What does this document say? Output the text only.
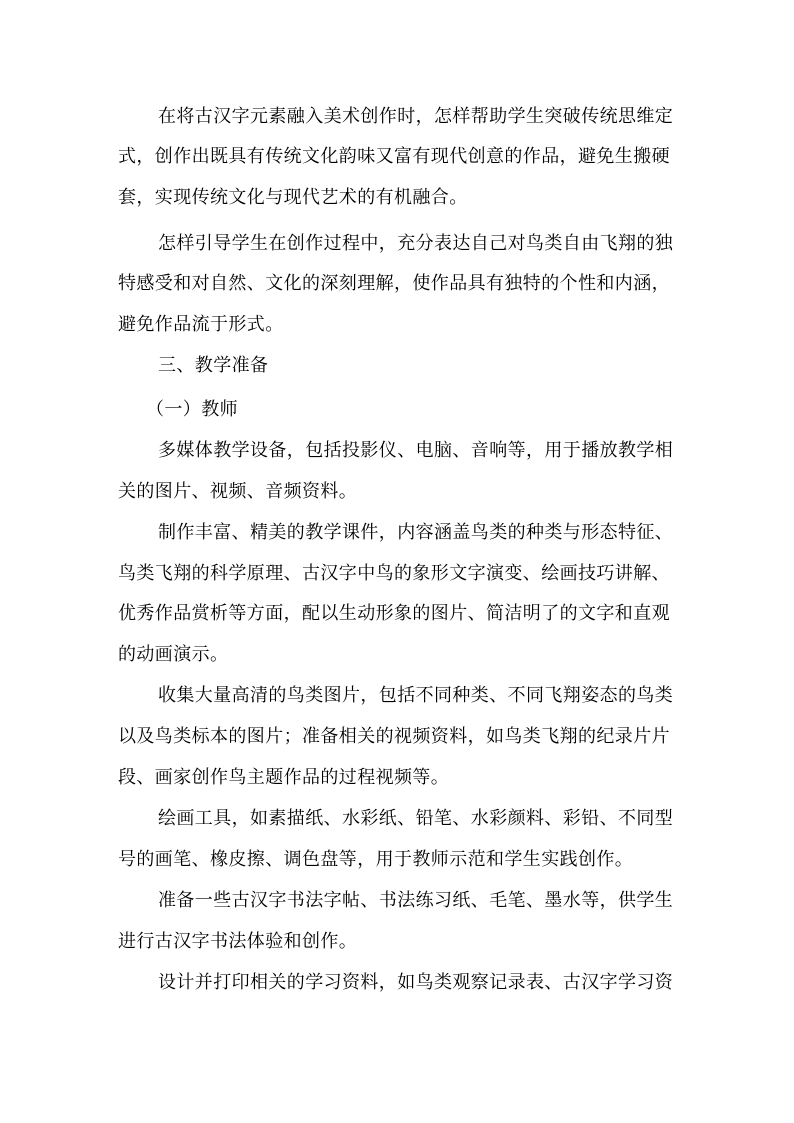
在将古汉字元素融入美术创作时，怎样帮助学生突破传统思维定
式，创作出既具有传统文化韵味又富有现代创意的作品，避免生搬硬
套，实现传统文化与现代艺术的有机融合。
怎样引导学生在创作过程中，充分表达自己对鸟类自由飞翔的独
特感受和对自然、文化的深刻理解，使作品具有独特的个性和内涵，
避免作品流于形式。
三、教学准备
（一）教师
多媒体教学设备，包括投影仪、电脑、音响等，用于播放教学相
关的图片、视频、音频资料。
制作丰富、精美的教学课件，内容涵盖鸟类的种类与形态特征、
鸟类飞翔的科学原理、古汉字中鸟的象形文字演变、绘画技巧讲解、
优秀作品赏析等方面，配以生动形象的图片、简洁明了的文字和直观
的动画演示。
收集大量高清的鸟类图片，包括不同种类、不同飞翔姿态的鸟类
以及鸟类标本的图片；准备相关的视频资料，如鸟类飞翔的纪录片片
段、画家创作鸟主题作品的过程视频等。
绘画工具，如素描纸、水彩纸、铅笔、水彩颜料、彩铅、不同型
号的画笔、橡皮擦、调色盘等，用于教师示范和学生实践创作。
准备一些古汉字书法字帖、书法练习纸、毛笔、墨水等，供学生
进行古汉字书法体验和创作。
设计并打印相关的学习资料，如鸟类观察记录表、古汉字学习资
